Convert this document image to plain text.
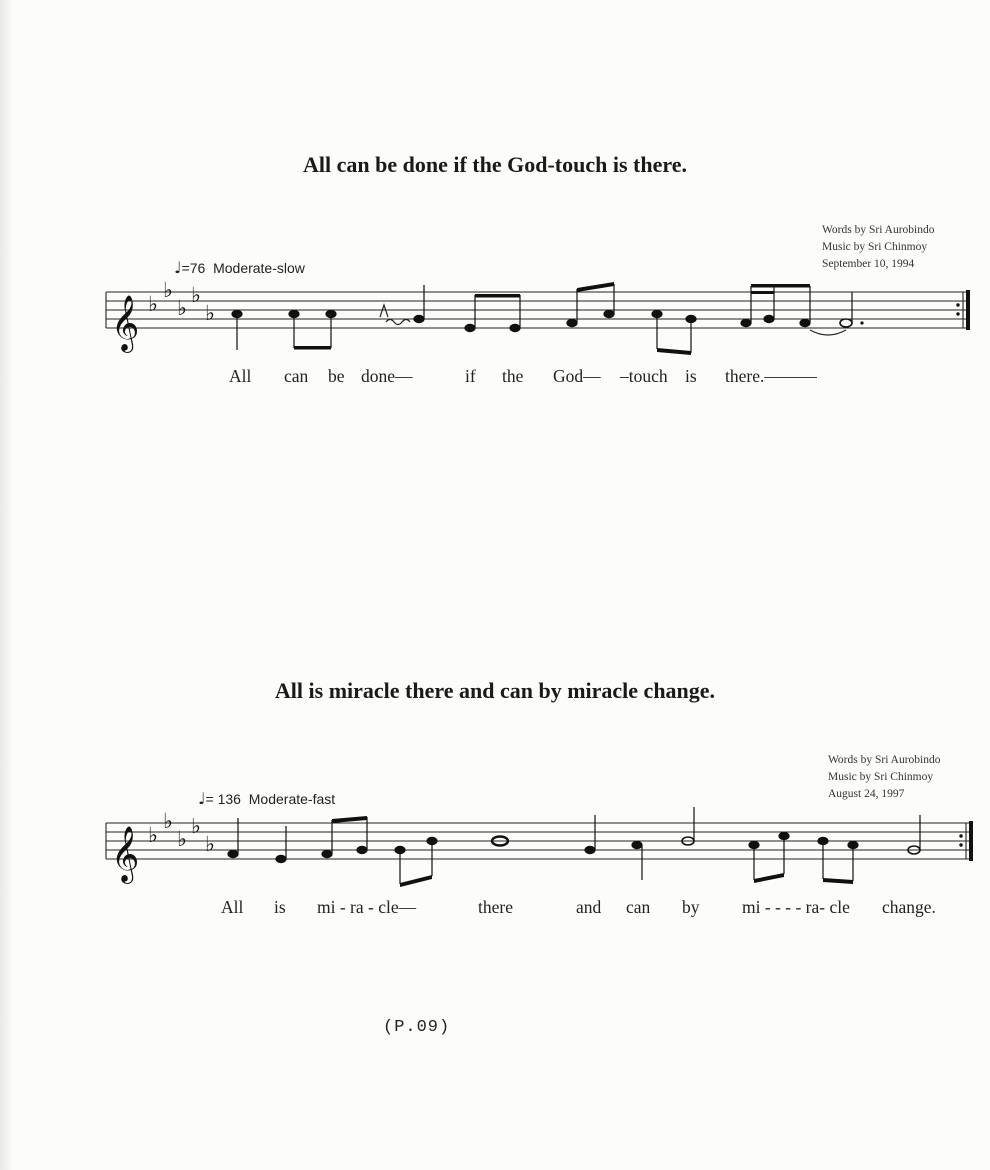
All can be done if the God-touch is there.
Words by Sri Aurobindo
Music by Sri Chinmoy
September 10, 1994
♩=76 Moderate-slow
𝄞 ♭
♭
♭
♭
♭
All can be done—	if the God— –touch is there.———
All is miracle there and can by miracle change.
Words by Sri Aurobindo
Music by Sri Chinmoy
August 24, 1997
♩= 136 Moderate-fast
𝄞 ♭
♭
♭
♭
♭
All is mi - ra - cle—	there	and can by mi - - - - ra- cle change.
(P.09)
